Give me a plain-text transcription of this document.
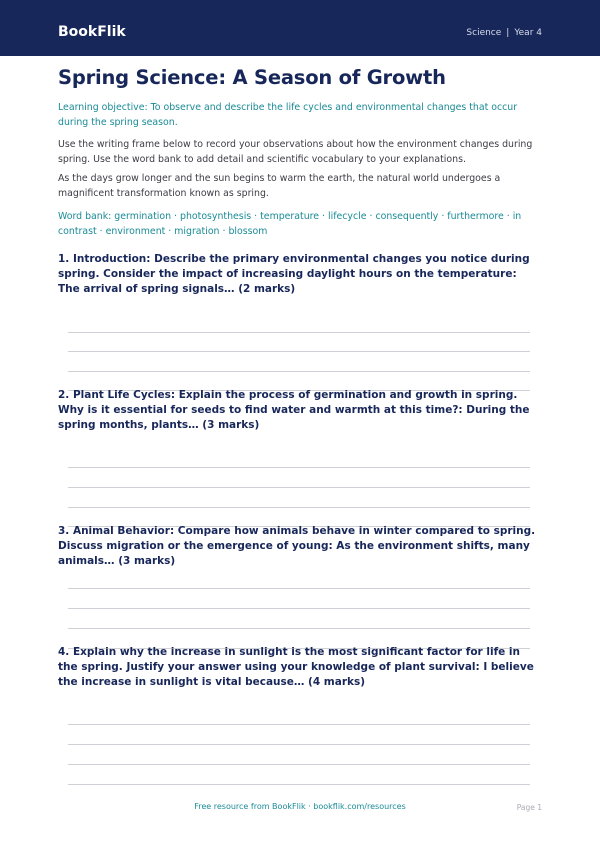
BookFlik	Science | Year 4
Spring Science: A Season of Growth

Learning objective: To observe and describe the life cycles and environmental changes that occur during the spring season.

Use the writing frame below to record your observations about how the environment changes during spring. Use the word bank to add detail and scientific vocabulary to your explanations.

As the days grow longer and the sun begins to warm the earth, the natural world undergoes a magnificent transformation known as spring.

Word bank: germination · photosynthesis · temperature · lifecycle · consequently · furthermore · in contrast · environment · migration · blossom

1. Introduction: Describe the primary environmental changes you notice during spring. Consider the impact of increasing daylight hours on the temperature: The arrival of spring signals… (2 marks)

2. Plant Life Cycles: Explain the process of germination and growth in spring. Why is it essential for seeds to find water and warmth at this time?: During the spring months, plants… (3 marks)

3. Animal Behavior: Compare how animals behave in winter compared to spring. Discuss migration or the emergence of young: As the environment shifts, many animals… (3 marks)

4. Explain why the increase in sunlight is the most significant factor for life in the spring. Justify your answer using your knowledge of plant survival: I believe the increase in sunlight is vital because… (4 marks)

Free resource from BookFlik · bookflik.com/resources	Page 1
